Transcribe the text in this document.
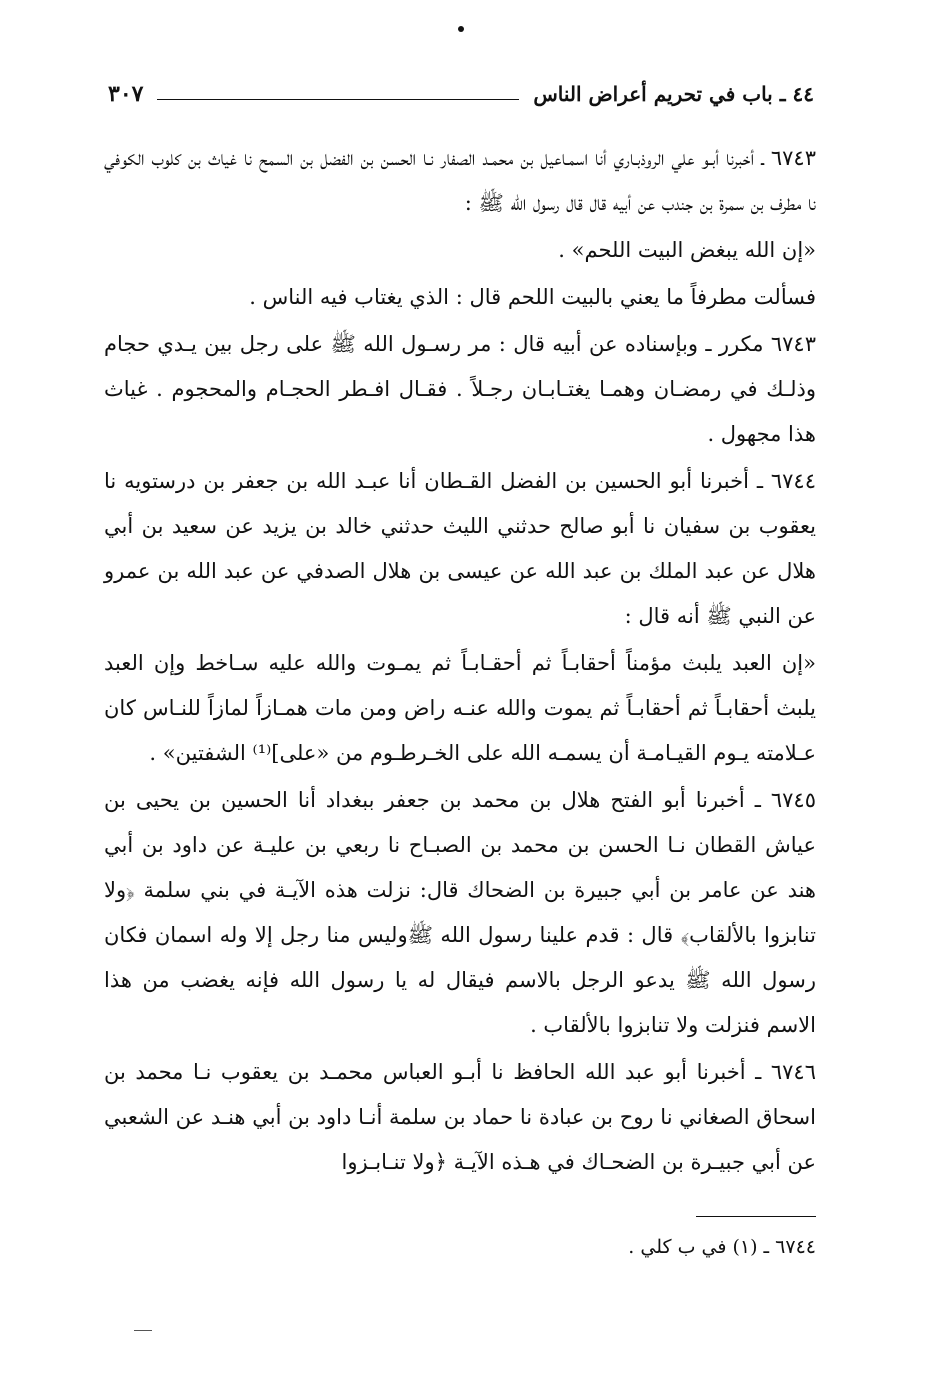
٤٤ ـ باب في تحريم أعراض الناس
٣٠٧

٦٧٤٣ ـ أخبرنا أبـو علي الروذبـاري أنا اسمـاعيل بن محمـد الصفار نـا الحسن بن الفضل بن السمح نا غياث بن كلوب الكوفي نا مطرف بن سمرة بن جندب عن أبيه قال قال رسول الله ﷺ :

«إن الله يبغض البيت اللحم» .

فسألت مطرفاً ما يعني بالبيت اللحم قال : الذي يغتاب فيه الناس .

٦٧٤٣ مكرر ـ وبإسناده عن أبيه قال : مر رسـول الله ﷺ على رجل بين يـدي حجام وذلـك في رمضـان وهمـا يغتـابـان رجـلاً . فقـال افـطر الحجـام والمحجوم . غياث هذا مجهول .

٦٧٤٤ ـ أخبرنا أبو الحسين بن الفضل القـطان أنا عبـد الله بن جعفر بن درستويه نا يعقوب بن سفيان نا أبو صالح حدثني الليث حدثني خالد بن يزيد عن سعيد بن أبي هلال عن عبد الملك بن عبد الله عن عيسى بن هلال الصدفي عن عبد الله بن عمرو عن النبي ﷺ أنه قال :

«إن العبد يلبث مؤمناً أحقابـاً ثم أحقـابـاً ثم يمـوت والله عليه سـاخط وإن العبد يلبث أحقابـاً ثم أحقابـاً ثم يموت والله عنـه راض ومن مات همـازاً لمازاً للنـاس كان عـلامته يـوم القيـامـة أن يسمـه الله على الخـرطـوم من «على]⁽¹⁾ الشفتين» .

٦٧٤٥ ـ أخبرنا أبو الفتح هلال بن محمد بن جعفر ببغداد أنا الحسين بن يحيى بن عياش القطان نـا الحسن بن محمد بن الصبـاح نا ربعي بن عليـة عن داود بن أبي هند عن عامر بن أبي جبيرة بن الضحاك قال: نزلت هذه الآيـة في بني سلمة ﴿ولا تنابزوا بالألقاب﴾ قال : قدم علينا رسول الله ﷺوليس منا رجل إلا وله اسمان فكان رسول الله ﷺ يدعو الرجل بالاسم فيقال له يا رسول الله فإنه يغضب من هذا الاسم فنزلت ولا تنابزوا بالألقاب .

٦٧٤٦ ـ أخبرنا أبو عبد الله الحافظ نا أبـو العباس محمـد بن يعقوب نـا محمد بن اسحاق الصغاني نا روح بن عبادة نا حماد بن سلمة أنـا داود بن أبي هنـد عن الشعبي عن أبي جبيـرة بن الضحـاك في هـذه الآيـة ﴿ولا تنـابـزوا

٦٧٤٤ ـ (١) في ب كلي .
